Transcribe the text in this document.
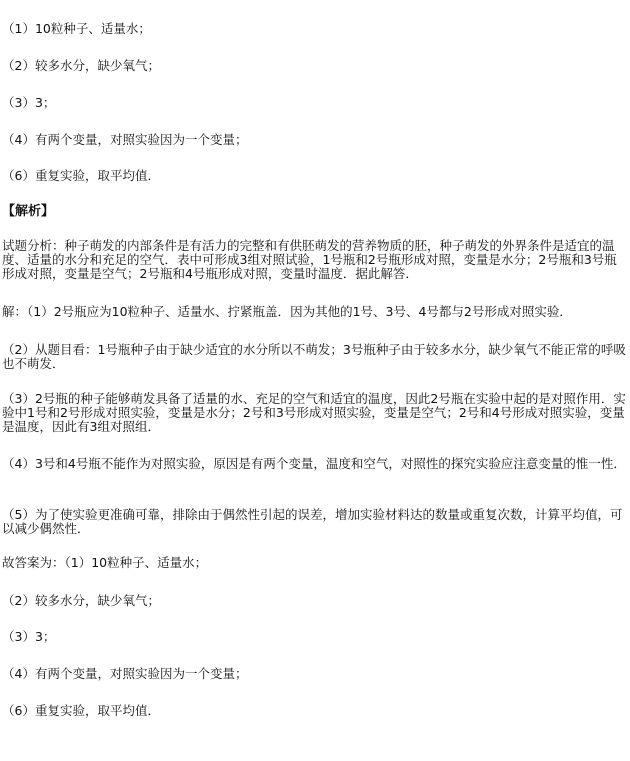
（1）10粒种子、适量水；
（2）较多水分，缺少氧气；
（3）3；
（4）有两个变量，对照实验因为一个变量；
（6）重复实验，取平均值．
【解析】
试题分析：种子萌发的内部条件是有活力的完整和有供胚萌发的营养物质的胚，种子萌发的外界条件是适宜的温度、适量的水分和充足的空气．表中可形成3组对照试验，1号瓶和2号瓶形成对照，变量是水分；2号瓶和3号瓶形成对照，变量是空气；2号瓶和4号瓶形成对照，变量时温度．据此解答．
解：（1）2号瓶应为10粒种子、适量水、拧紧瓶盖．因为其他的1号、3号、4号都与2号形成对照实验．
（2）从题目看：1号瓶种子由于缺少适宜的水分所以不萌发；3号瓶种子由于较多水分，缺少氧气不能正常的呼吸也不萌发．
（3）2号瓶的种子能够萌发具备了适量的水、充足的空气和适宜的温度，因此2号瓶在实验中起的是对照作用．实验中1号和2号形成对照实验，变量是水分；2号和3号形成对照实验，变量是空气；2号和4号形成对照实验，变量是温度，因此有3组对照组．
（4）3号和4号瓶不能作为对照实验，原因是有两个变量，温度和空气，对照性的探究实验应注意变量的惟一性．
（5）为了使实验更准确可靠，排除由于偶然性引起的误差，增加实验材料达的数量或重复次数，计算平均值，可以减少偶然性．
故答案为：（1）10粒种子、适量水；
（2）较多水分，缺少氧气；
（3）3；
（4）有两个变量，对照实验因为一个变量；
（6）重复实验，取平均值．
